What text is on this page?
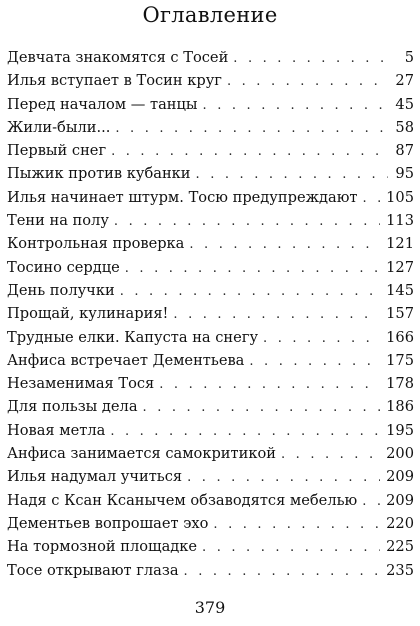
Оглавление
Девчата знакомятся с Тосей . . .	5
Илья вступает в Тосин круг . . .	27
Перед началом — танцы . . .	45
Жили-были... . . .	58
Первый снег . . .	87
Пыжик против кубанки . . .	95
Илья начинает штурм. Тосю предупреждают . . .	105
Тени на полу . . .	113
Контрольная проверка . . .	121
Тосино сердце . . .	127
День получки . . .	145
Прощай, кулинария! . . .	157
Трудные елки. Капуста на снегу . . .	166
Анфиса встречает Дементьева . . .	175
Незаменимая Тося . . .	178
Для пользы дела . . .	186
Новая метла . . .	195
Анфиса занимается самокритикой . . .	200
Илья надумал учиться . . .	209
Надя с Ксан Ксанычем обзаводятся мебелью . . .	209
Дементьев вопрошает эхо . . .	220
На тормозной площадке . . .	225
Тосе открывают глаза . . .	235
379
